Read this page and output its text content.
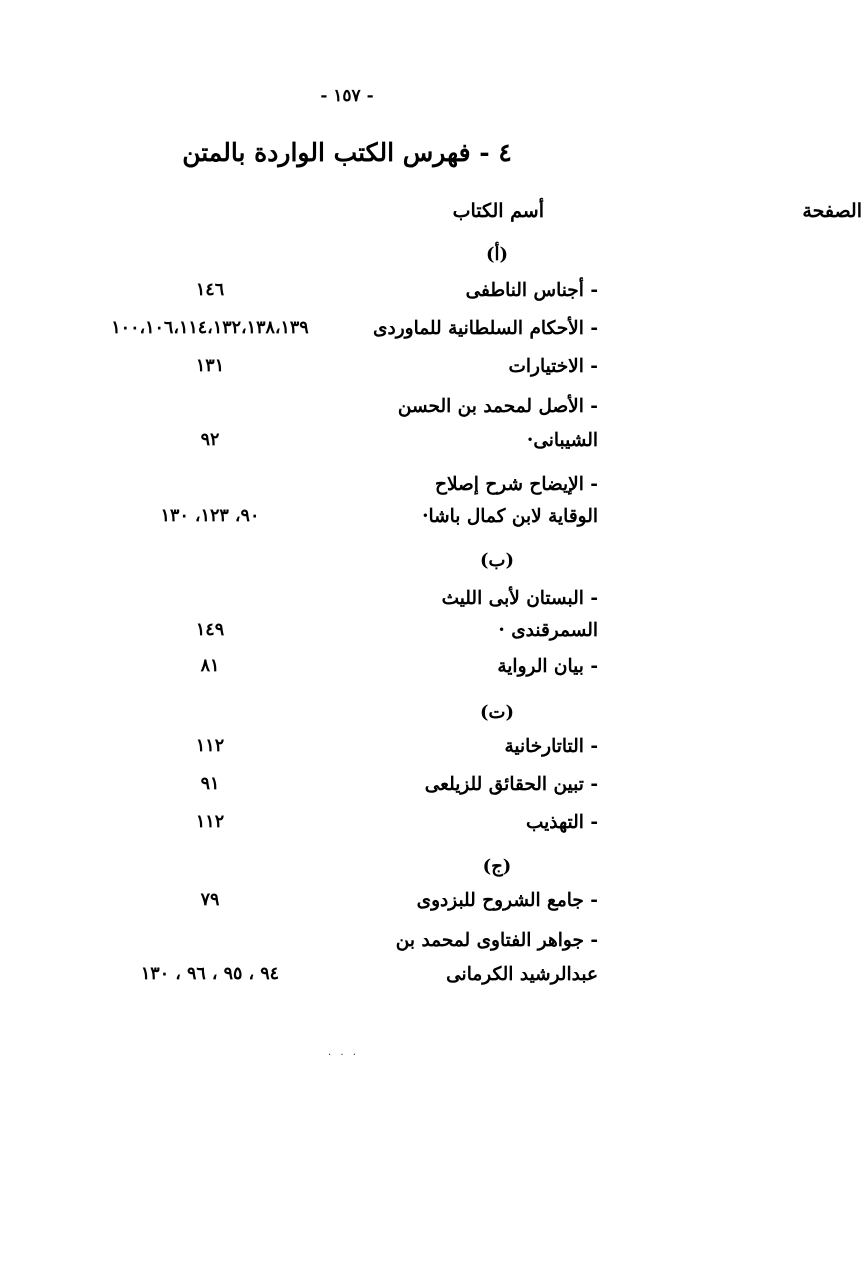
- ١٥٧ -
٤ - فهرس الكتب الواردة بالمتن
أسم الكتاب	الصفحة
(أ)
- أجناس الناطفى
١٤٦
- الأحكام السلطانية للماوردى
١٠٠،١٠٦،١١٤،١٣٢،١٣٨،١٣٩
- الاختيارات
١٣١
- الأصل لمحمد بن الحسن
الشيبانى·
٩٢
- الإيضاح شرح إصلاح
الوقاية لابن كمال باشا·
٩٠، ١٢٣، ١٣٠
(ب)
- البستان لأبى الليث
السمرقندى ·
١٤٩
- بيان الرواية
٨١
(ت)
- التاتارخانية
١١٢
- تبين الحقائق للزيلعى
٩١
- التهذيب
١١٢
(ج)
- جامع الشروح للبزدوى
٧٩
- جواهر الفتاوى لمحمد بن
عبدالرشيد الكرمانى
٩٤ ، ٩٥ ، ٩٦ ، ١٣٠
· · ·
